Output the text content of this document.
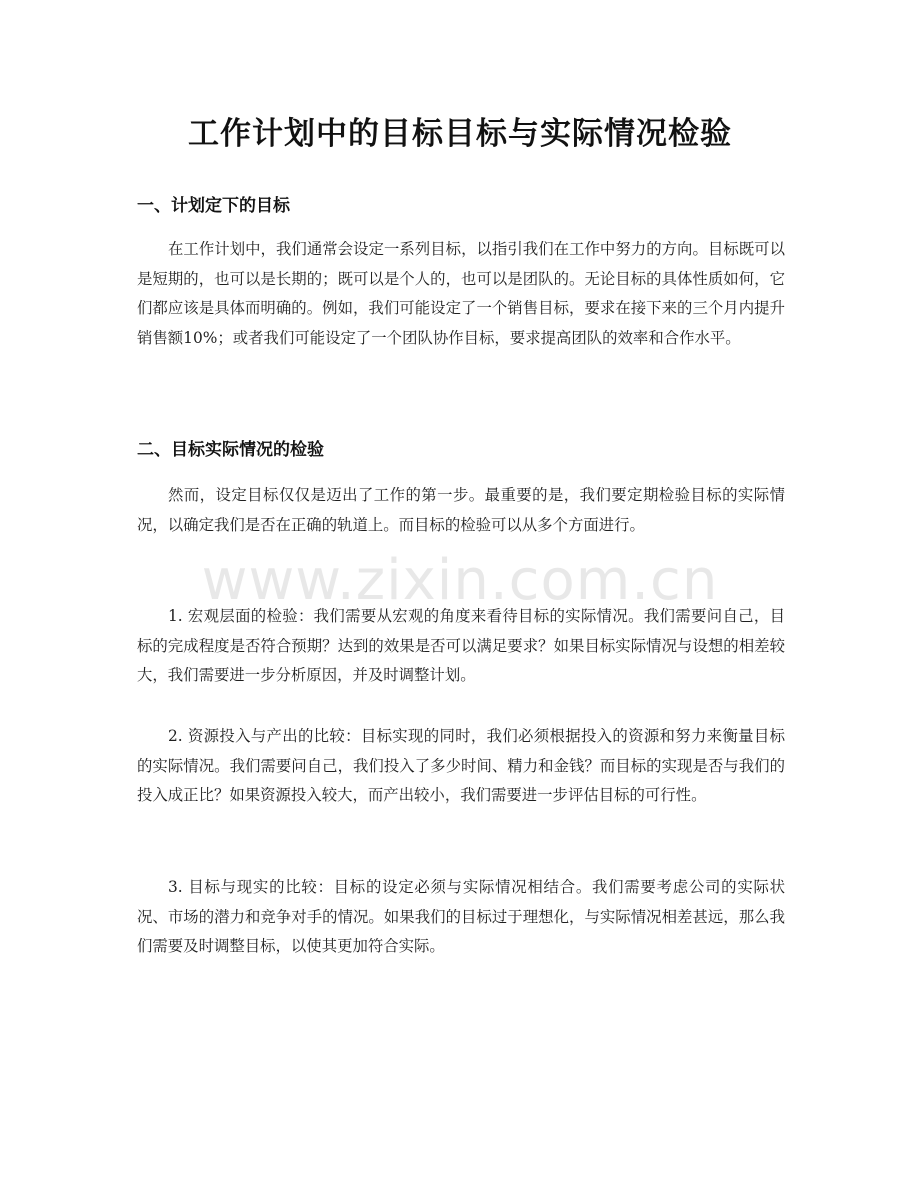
工作计划中的目标目标与实际情况检验
一、计划定下的目标

在工作计划中，我们通常会设定一系列目标，以指引我们在工作中努力的方向。目标既可以是短期的，也可以是长期的；既可以是个人的，也可以是团队的。无论目标的具体性质如何，它们都应该是具体而明确的。例如，我们可能设定了一个销售目标，要求在接下来的三个月内提升销售额10%；或者我们可能设定了一个团队协作目标，要求提高团队的效率和合作水平。

二、目标实际情况的检验

然而，设定目标仅仅是迈出了工作的第一步。最重要的是，我们要定期检验目标的实际情况，以确定我们是否在正确的轨道上。而目标的检验可以从多个方面进行。

1. 宏观层面的检验：我们需要从宏观的角度来看待目标的实际情况。我们需要问自己，目标的完成程度是否符合预期？达到的效果是否可以满足要求？如果目标实际情况与设想的相差较大，我们需要进一步分析原因，并及时调整计划。

2. 资源投入与产出的比较：目标实现的同时，我们必须根据投入的资源和努力来衡量目标的实际情况。我们需要问自己，我们投入了多少时间、精力和金钱？而目标的实现是否与我们的投入成正比？如果资源投入较大，而产出较小，我们需要进一步评估目标的可行性。

3. 目标与现实的比较：目标的设定必须与实际情况相结合。我们需要考虑公司的实际状况、市场的潜力和竞争对手的情况。如果我们的目标过于理想化，与实际情况相差甚远，那么我们需要及时调整目标，以使其更加符合实际。

www.zixin.com.cn
